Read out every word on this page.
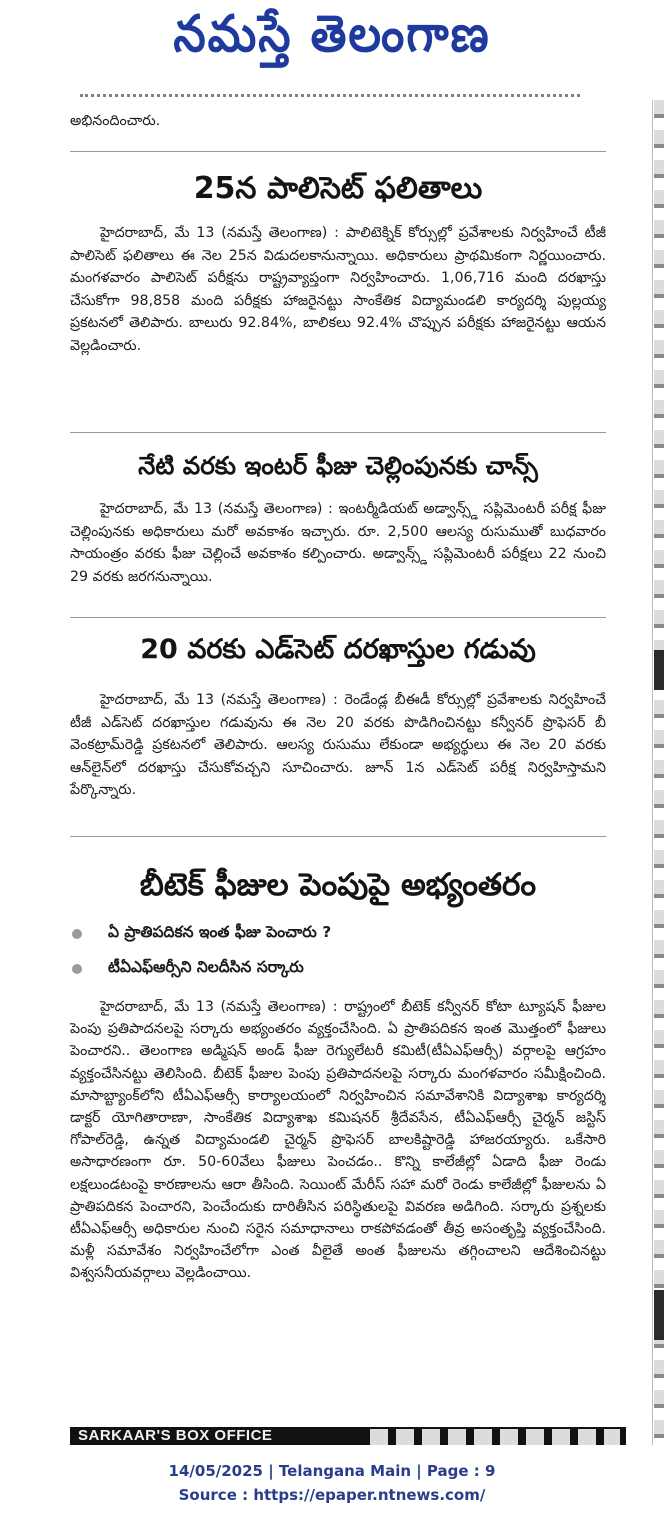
నమస్తే తెలంగాణ

అభినందించారు.

25న పాలిసెట్ ఫలితాలు

హైదరాబాద్, మే 13 (నమస్తే తెలంగాణ) : పాలిటెక్నిక్ కోర్సుల్లో ప్రవేశాలకు నిర్వహించే టీజీ పాలిసెట్ ఫలితాలు ఈ నెల 25న విడుదలకానున్నాయి. అధికారులు ప్రాథమికంగా నిర్ణయించారు. మంగళవారం పాలిసెట్ పరీక్షను రాష్ట్రవ్యాప్తంగా నిర్వహించారు. 1,06,716 మంది దరఖాస్తు చేసుకోగా 98,858 మంది పరీక్షకు హాజరైనట్టు సాంకేతిక విద్యామండలి కార్యదర్శి పుల్లయ్య ప్రకటనలో తెలిపారు. బాలురు 92.84%, బాలికలు 92.4% చొప్పున పరీక్షకు హాజరైనట్టు ఆయన వెల్లడించారు.

నేటి వరకు ఇంటర్ ఫీజు చెల్లింపునకు చాన్స్

హైదరాబాద్, మే 13 (నమస్తే తెలంగాణ) : ఇంటర్మీడియట్ అడ్వాన్స్డ్ సప్లిమెంటరీ పరీక్ష ఫీజు చెల్లింపునకు అధికారులు మరో అవకాశం ఇచ్చారు. రూ. 2,500 ఆలస్య రుసుముతో బుధవారం సాయంత్రం వరకు ఫీజు చెల్లించే అవకాశం కల్పించారు. అడ్వాన్స్డ్ సప్లిమెంటరీ పరీక్షలు 22 నుంచి 29 వరకు జరగనున్నాయి.

20 వరకు ఎడ్‌సెట్ దరఖాస్తుల గడువు

హైదరాబాద్, మే 13 (నమస్తే తెలంగాణ) : రెండేండ్ల బీఈడీ కోర్సుల్లో ప్రవేశాలకు నిర్వహించే టీజీ ఎడ్‌సెట్ దరఖాస్తుల గడువును ఈ నెల 20 వరకు పొడిగించినట్టు కన్వీనర్ ప్రొఫెసర్ బీ వెంకట్రామ్‌రెడ్డి ప్రకటనలో తెలిపారు. ఆలస్య రుసుము లేకుండా అభ్యర్థులు ఈ నెల 20 వరకు ఆన్‌లైన్‌లో దరఖాస్తు చేసుకోవచ్చని సూచించారు. జూన్ 1న ఎడ్‌సెట్ పరీక్ష నిర్వహిస్తామని పేర్కొన్నారు.

బీటెక్ ఫీజుల పెంపుపై అభ్యంతరం
ఏ ప్రాతిపదికన ఇంత ఫీజు పెంచారు ?
టీఏఎఫ్ఆర్సీని నిలదీసిన సర్కారు

హైదరాబాద్, మే 13 (నమస్తే తెలంగాణ) : రాష్ట్రంలో బీటెక్ కన్వీనర్ కోటా ట్యూషన్ ఫీజుల పెంపు ప్రతిపాదనలపై సర్కారు అభ్యంతరం వ్యక్తంచేసింది. ఏ ప్రాతిపదికన ఇంత మొత్తంలో ఫీజులు పెంచారని.. తెలంగాణ అడ్మిషన్ అండ్ ఫీజు రెగ్యులేటరీ కమిటీ(టీఏఎఫ్ఆర్సీ) వర్గాలపై ఆగ్రహం వ్యక్తంచేసినట్టు తెలిసింది. బీటెక్ ఫీజుల పెంపు ప్రతిపాదనలపై సర్కారు మంగళవారం సమీక్షించింది. మాసాబ్ట్యాంక్‌లోని టీఏఎఫ్ఆర్సీ కార్యాలయంలో నిర్వహించిన సమావేశానికి విద్యాశాఖ కార్యదర్శి డాక్టర్ యోగితారాణా, సాంకేతిక విద్యాశాఖ కమిషనర్ శ్రీదేవసేన, టీఏఎఫ్ఆర్సీ చైర్మన్ జస్టిస్ గోపాల్‌రెడ్డి, ఉన్నత విద్యామండలి చైర్మన్ ప్రొఫెసర్ బాలకిష్టారెడ్డి హాజరయ్యారు. ఒకేసారి అసాధారణంగా రూ. 50-60వేలు ఫీజులు పెంచడం.. కొన్ని కాలేజీల్లో ఏడాది ఫీజు రెండు లక్షలుండటంపై కారణాలను ఆరా తీసింది. సెయింట్ మేరీస్ సహా మరో రెండు కాలేజీల్లో ఫీజులను ఏ ప్రాతిపదికన పెంచారని, పెంచేందుకు దారితీసిన పరిస్థితులపై వివరణ అడిగింది. సర్కారు ప్రశ్నలకు టీఏఎఫ్ఆర్సీ అధికారుల నుంచి సరైన సమాధానాలు రాకపోవడంతో తీవ్ర అసంతృప్తి వ్యక్తంచేసింది. మళ్లీ సమావేశం నిర్వహించేలోగా ఎంత వీలైతే అంత ఫీజులను తగ్గించాలని ఆదేశించినట్టు విశ్వసనీయవర్గాలు వెల్లడించాయి.

SARKAAR'S BOX OFFICE

14/05/2025 | Telangana Main | Page : 9

Source : https://epaper.ntnews.com/
